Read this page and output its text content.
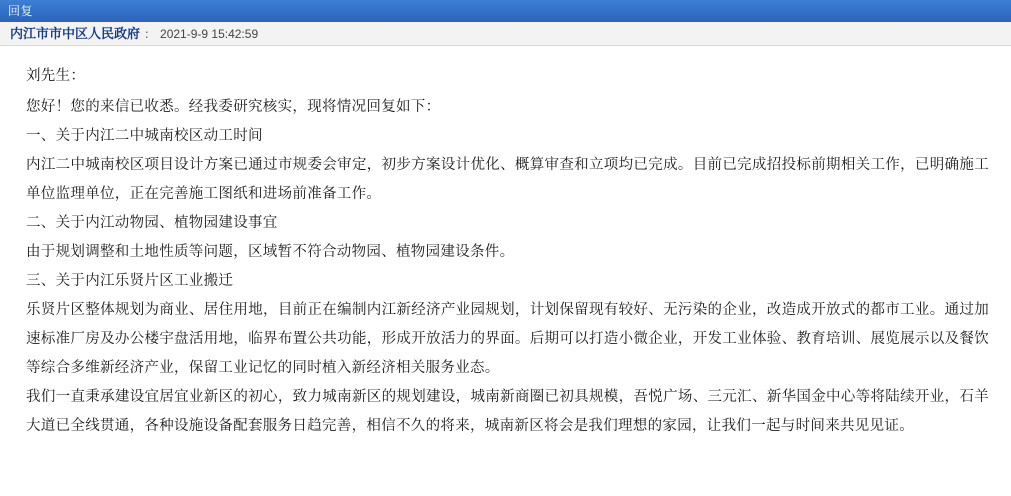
回复
内江市市中区人民政府 ： 2021-9-9 15:42:59

刘先生：

您好！您的来信已收悉。经我委研究核实，现将情况回复如下：

一、关于内江二中城南校区动工时间

内江二中城南校区项目设计方案已通过市规委会审定，初步方案设计优化、概算审查和立项均已完成。目前已完成招投标前期相关工作，已明确施工单位监理单位，正在完善施工图纸和进场前准备工作。

二、关于内江动物园、植物园建设事宜

由于规划调整和土地性质等问题，区域暂不符合动物园、植物园建设条件。

三、关于内江乐贤片区工业搬迁

乐贤片区整体规划为商业、居住用地，目前正在编制内江新经济产业园规划，计划保留现有较好、无污染的企业，改造成开放式的都市工业。通过加速标准厂房及办公楼宇盘活用地，临界布置公共功能，形成开放活力的界面。后期可以打造小微企业，开发工业体验、教育培训、展览展示以及餐饮等综合多维新经济产业，保留工业记忆的同时植入新经济相关服务业态。

我们一直秉承建设宜居宜业新区的初心，致力城南新区的规划建设，城南新商圈已初具规模，吾悦广场、三元汇、新华国金中心等将陆续开业，石羊大道已全线贯通，各种设施设备配套服务日趋完善，相信不久的将来，城南新区将会是我们理想的家园，让我们一起与时间来共见见证。
